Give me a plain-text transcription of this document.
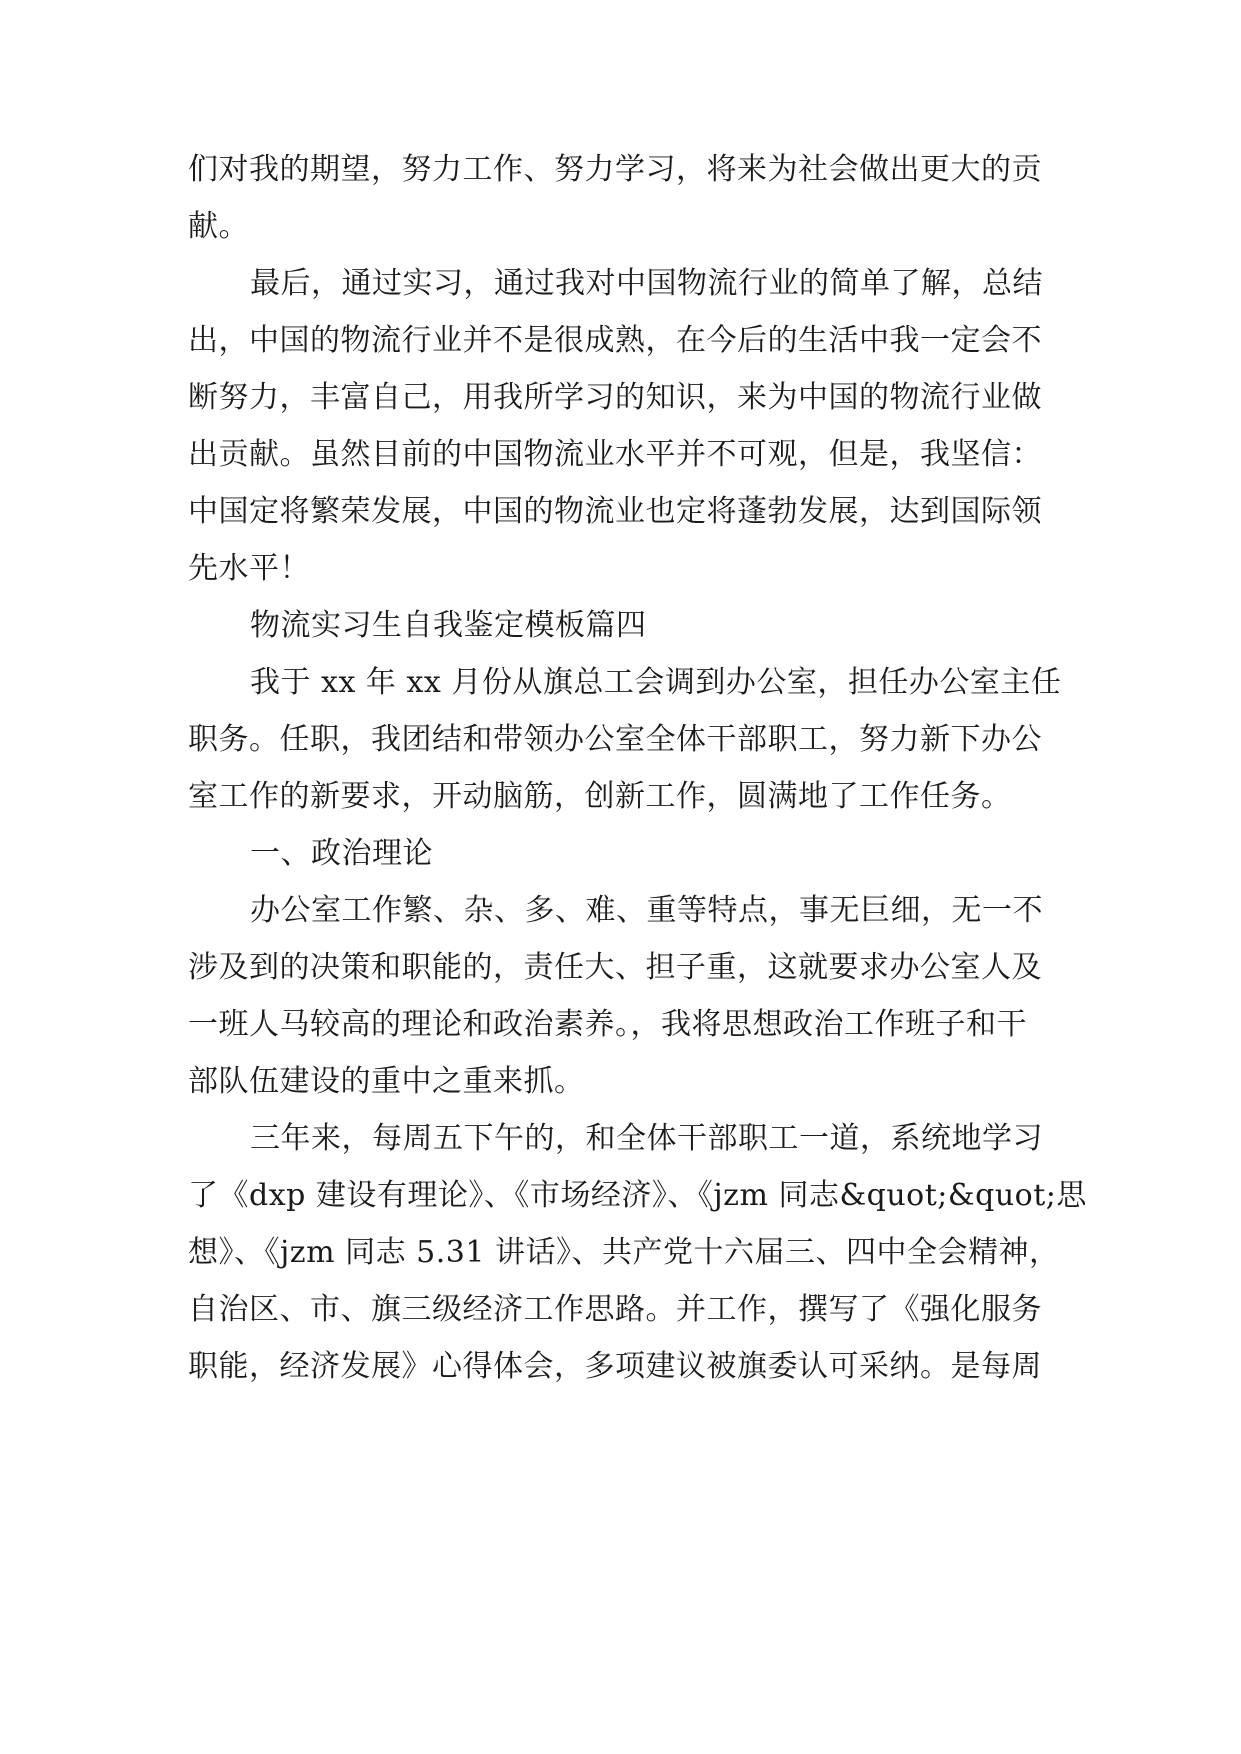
们对我的期望，努力工作、努力学习，将来为社会做出更大的贡
献。
最后，通过实习，通过我对中国物流行业的简单了解，总结
出，中国的物流行业并不是很成熟，在今后的生活中我一定会不
断努力，丰富自己，用我所学习的知识，来为中国的物流行业做
出贡献。虽然目前的中国物流业水平并不可观，但是，我坚信：
中国定将繁荣发展，中国的物流业也定将蓬勃发展，达到国际领
先水平！
物流实习生自我鉴定模板篇四
我于 xx 年 xx 月份从旗总工会调到办公室，担任办公室主任
职务。任职，我团结和带领办公室全体干部职工，努力新下办公
室工作的新要求，开动脑筋，创新工作，圆满地了工作任务。
一、政治理论
办公室工作繁、杂、多、难、重等特点，事无巨细，无一不
涉及到的决策和职能的，责任大、担子重，这就要求办公室人及
一班人马较高的理论和政治素养。，我将思想政治工作班子和干
部队伍建设的重中之重来抓。
三年来，每周五下午的，和全体干部职工一道，系统地学习
了《dxp 建设有理论》、《市场经济》、《jzm 同志&quot;&quot;思
想》、《jzm 同志 5.31 讲话》、共产党十六届三、四中全会精神，
自治区、市、旗三级经济工作思路。并工作，撰写了《强化服务
职能，经济发展》心得体会，多项建议被旗委认可采纳。是每周
